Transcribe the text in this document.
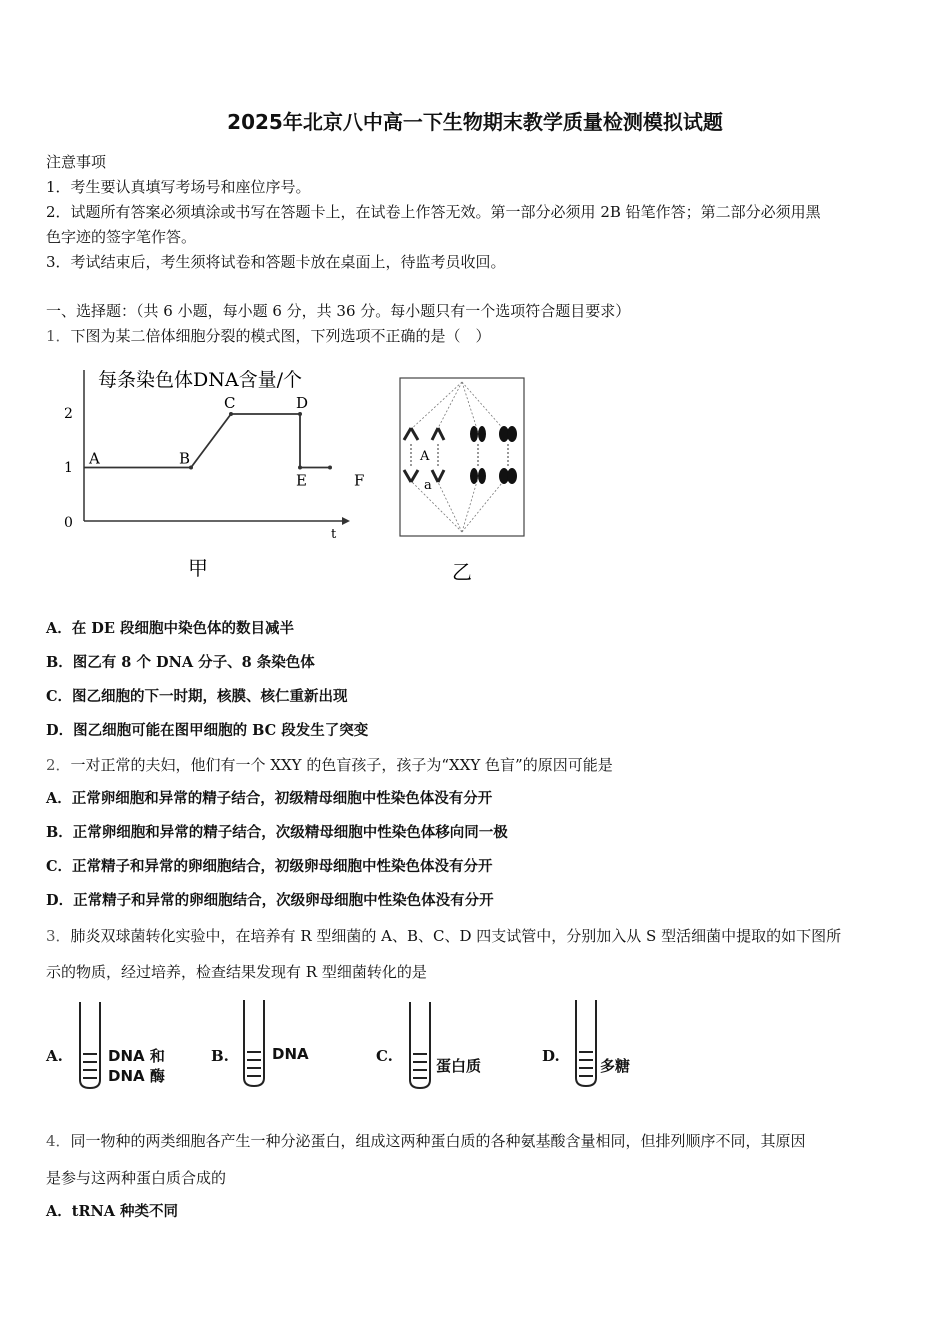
2025年北京八中高一下生物期末教学质量检测模拟试题
注意事项
1．考生要认真填写考场号和座位序号。
2．试题所有答案必须填涂或书写在答题卡上，在试卷上作答无效。第一部分必须用 2B 铅笔作答；第二部分必须用黑
色字迹的签字笔作答。
3．考试结束后，考生须将试卷和答题卡放在桌面上，待监考员收回。
一、选择题：（共 6 小题，每小题 6 分，共 36 分。每小题只有一个选项符合题目要求）
1．下图为某二倍体细胞分裂的模式图，下列选项不正确的是（　）
每条染色体DNA含量/个
2
1
0
t
A	B
C	D
E	F
甲
A
a
乙
A．在 DE 段细胞中染色体的数目减半
B．图乙有 8 个 DNA 分子、8 条染色体
C．图乙细胞的下一时期，核膜、核仁重新出现
D．图乙细胞可能在图甲细胞的 BC 段发生了突变
2．一对正常的夫妇，他们有一个 XXY 的色盲孩子，孩子为“XXY 色盲”的原因可能是
A．正常卵细胞和异常的精子结合，初级精母细胞中性染色体没有分开
B．正常卵细胞和异常的精子结合，次级精母细胞中性染色体移向同一极
C．正常精子和异常的卵细胞结合，初级卵母细胞中性染色体没有分开
D．正常精子和异常的卵细胞结合，次级卵母细胞中性染色体没有分开
3．肺炎双球菌转化实验中，在培养有 R 型细菌的 A、B、C、D 四支试管中，分别加入从 S 型活细菌中提取的如下图所
示的物质，经过培养，检查结果发现有 R 型细菌转化的是
A.	DNA 和
DNA 酶
B.	DNA	C.
蛋白质
D.
多糖
4．同一物种的两类细胞各产生一种分泌蛋白，组成这两种蛋白质的各种氨基酸含量相同，但排列顺序不同，其原因
是参与这两种蛋白质合成的
A．tRNA 种类不同
